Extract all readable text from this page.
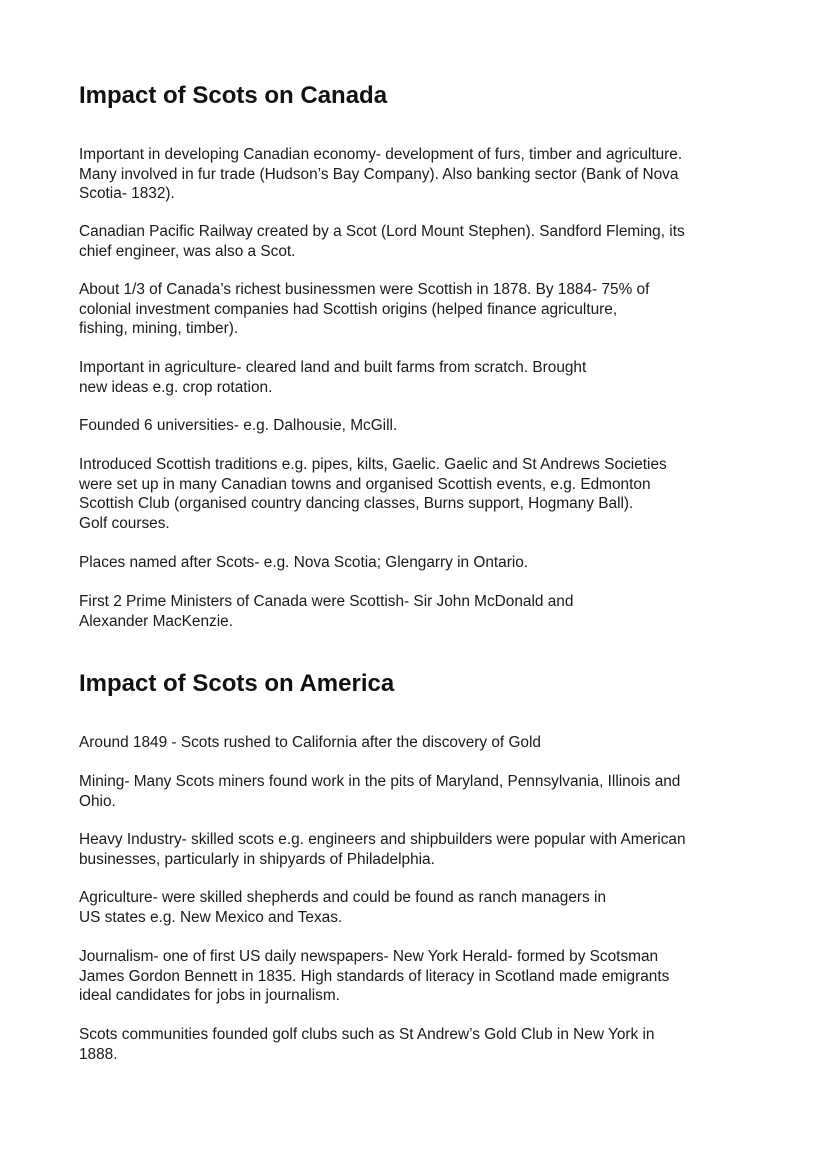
Impact of Scots on Canada

Important in developing Canadian economy- development of furs, timber and agriculture.
Many involved in fur trade (Hudson’s Bay Company). Also banking sector (Bank of Nova
Scotia- 1832).

Canadian Pacific Railway created by a Scot (Lord Mount Stephen). Sandford Fleming, its
chief engineer, was also a Scot.

About 1/3 of Canada’s richest businessmen were Scottish in 1878. By 1884- 75% of
colonial investment companies had Scottish origins (helped finance agriculture,
fishing, mining, timber).

Important in agriculture- cleared land and built farms from scratch. Brought
new ideas e.g. crop rotation.

Founded 6 universities- e.g. Dalhousie, McGill.

Introduced Scottish traditions e.g. pipes, kilts, Gaelic. Gaelic and St Andrews Societies
were set up in many Canadian towns and organised Scottish events, e.g. Edmonton
Scottish Club (organised country dancing classes, Burns support, Hogmany Ball).
Golf courses.

Places named after Scots- e.g. Nova Scotia; Glengarry in Ontario.

First 2 Prime Ministers of Canada were Scottish- Sir John McDonald and
Alexander MacKenzie.

Impact of Scots on America

Around 1849 - Scots rushed to California after the discovery of Gold

Mining- Many Scots miners found work in the pits of Maryland, Pennsylvania, Illinois and
Ohio.

Heavy Industry- skilled scots e.g. engineers and shipbuilders were popular with American
businesses, particularly in shipyards of Philadelphia.

Agriculture- were skilled shepherds and could be found as ranch managers in
US states e.g. New Mexico and Texas.

Journalism- one of first US daily newspapers- New York Herald- formed by Scotsman
James Gordon Bennett in 1835. High standards of literacy in Scotland made emigrants
ideal candidates for jobs in journalism.

Scots communities founded golf clubs such as St Andrew’s Gold Club in New York in
1888.
